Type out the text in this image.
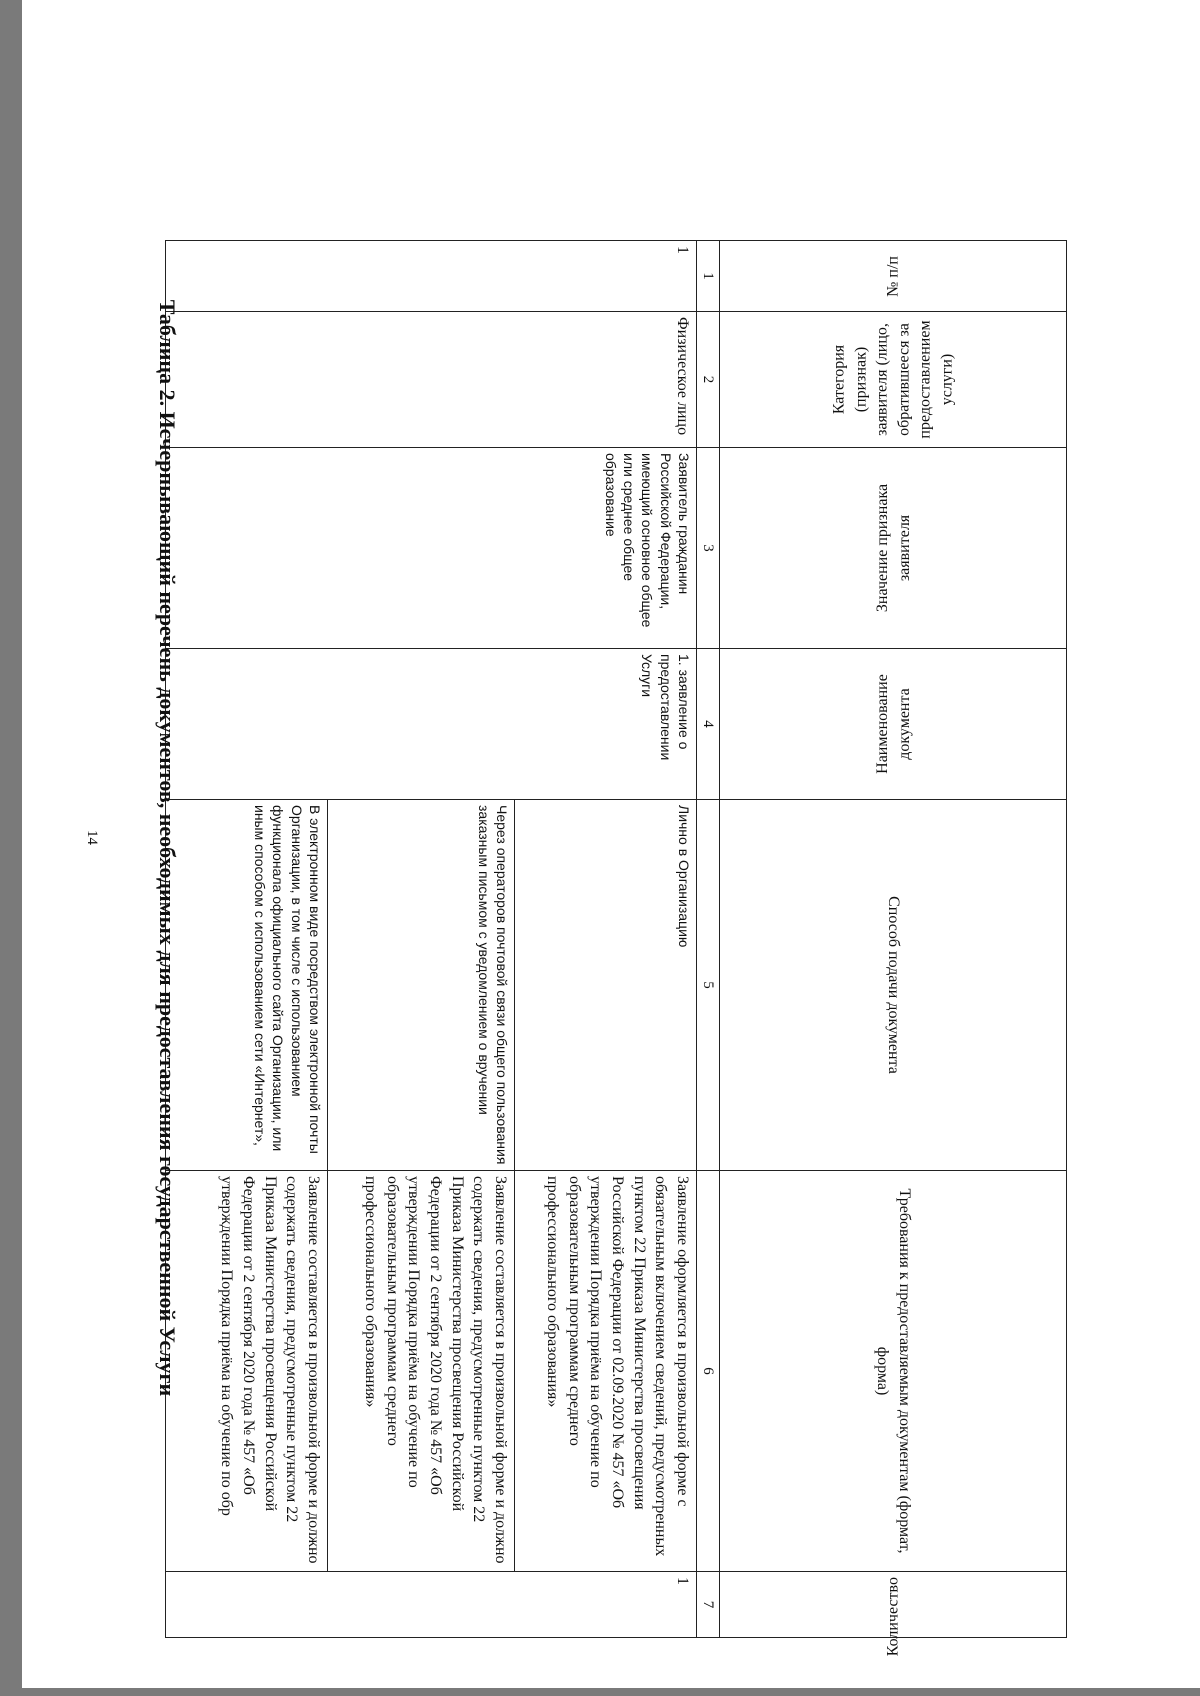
14
№ п/п	Категория (признак) заявителя (лицо, обратившееся за предоставлением услуги)	Значение признака заявителя	Наименование документа	Способ подачи документа	Требования к предоставляемым документам (формат, форма)	Количество
1	2	3	4	5	6	7
1	Физическое лицо	Заявитель гражданин Российской Федерации, имеющий основное общее или среднее общее образование	1. заявление о предоставлении Услуги	Лично в Организацию	Заявление оформляется в произвольной форме с обязательным включением сведений, предусмотренных пунктом 22 Приказа Министерства просвещения Российской Федерации от 02.09.2020 № 457 «Об утверждении Порядка приёма на обучение по образовательным программам среднего профессионального образования»	1
				Через операторов почтовой связи общего пользования заказным письмом с уведомлением о вручении	Заявление составляется в произвольной форме и должно содержать сведения, предусмотренные пунктом 22 Приказа Министерства просвещения Российской Федерации от 2 сентября 2020 года № 457 «Об утверждении Порядка приёма на обучение по образовательным программам среднего профессионального образования»	
				В электронном виде посредством электронной почты Организации, в том числе с использованием функционала официального сайта Организации, или иным способом с использованием сети «Интернет»,	Заявление составляется в произвольной форме и должно содержать сведения, предусмотренные пунктом 22 Приказа Министерства просвещения Российской Федерации от 2 сентября 2020 года № 457 «Об утверждении Порядка приёма на обучение по обр	
Таблица 2. Исчерпывающий перечень документов, необходимых для предоставления государственной Услуги
